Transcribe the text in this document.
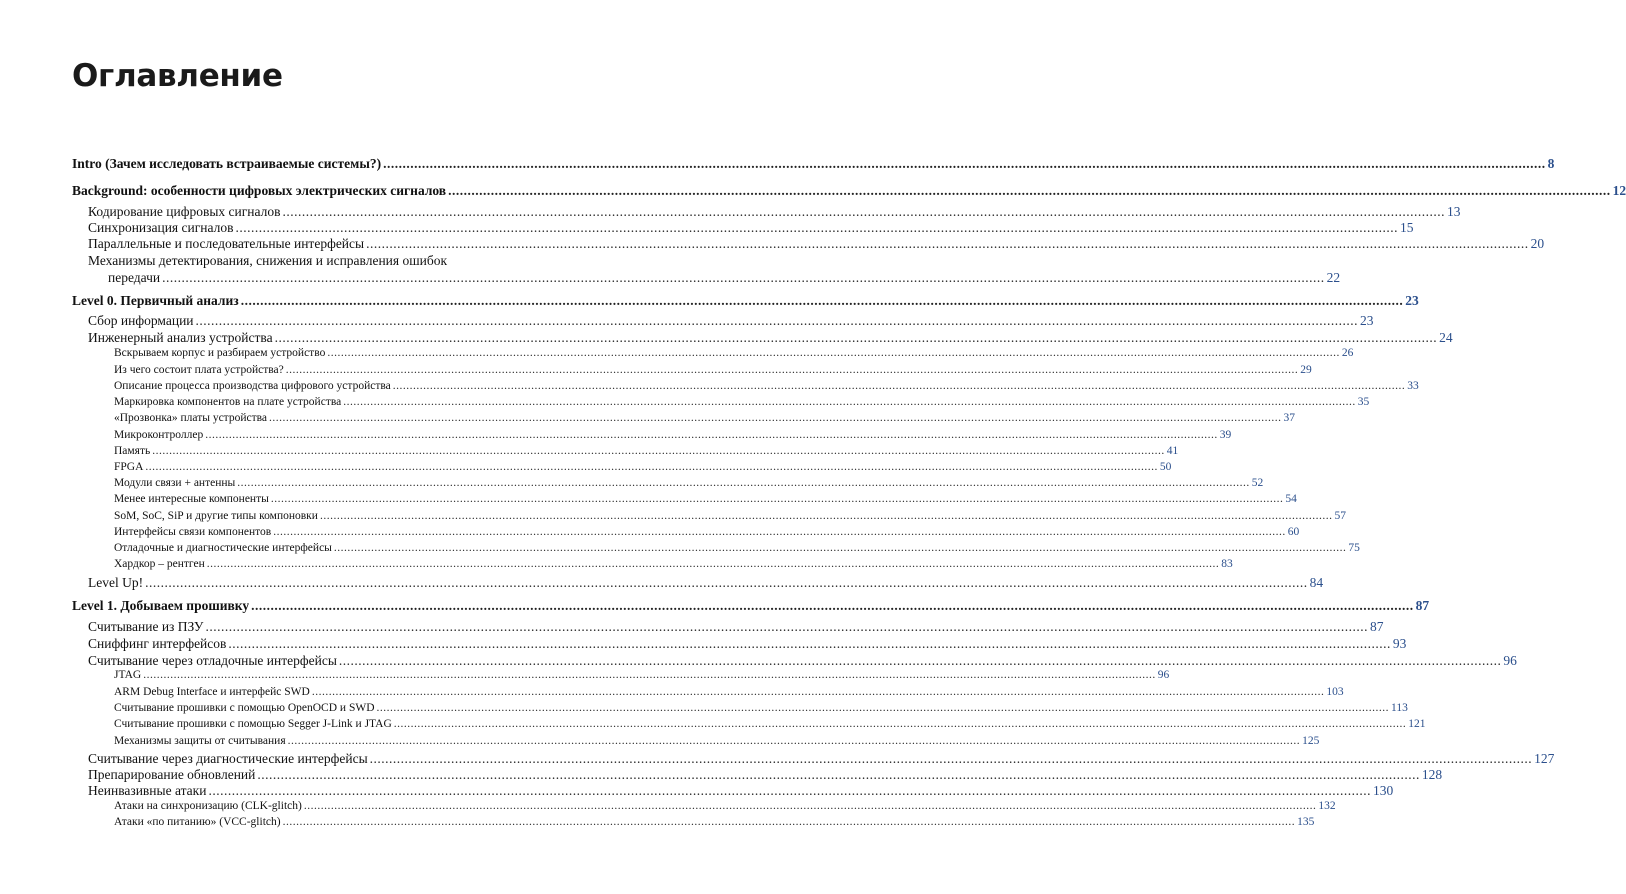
Оглавление
Intro (Зачем исследовать встраиваемые системы?) ............................................................................................................................................................................................................................................................................................................ 8
Background: особенности цифровых электрических сигналов ............................................................................................................................................................................................................................................................................................................ 12
Кодирование цифровых сигналов ............................................................................................................................................................................................................................................................................................................ 13
Синхронизация сигналов ............................................................................................................................................................................................................................................................................................................ 15
Параллельные и последовательные интерфейсы ............................................................................................................................................................................................................................................................................................................ 20
Механизмы детектирования, снижения и исправления ошибок
передачи ............................................................................................................................................................................................................................................................................................................ 22
Level 0. Первичный анализ ............................................................................................................................................................................................................................................................................................................ 23
Сбор информации ............................................................................................................................................................................................................................................................................................................ 23
Инженерный анализ устройства ............................................................................................................................................................................................................................................................................................................ 24
Вскрываем корпус и разбираем устройство ............................................................................................................................................................................................................................................................................................................ 26
Из чего состоит плата устройства? ............................................................................................................................................................................................................................................................................................................ 29
Описание процесса производства цифрового устройства ............................................................................................................................................................................................................................................................................................................ 33
Маркировка компонентов на плате устройства ............................................................................................................................................................................................................................................................................................................ 35
«Прозвонка» платы устройства ............................................................................................................................................................................................................................................................................................................ 37
Микроконтроллер ............................................................................................................................................................................................................................................................................................................ 39
Память ............................................................................................................................................................................................................................................................................................................ 41
FPGA ............................................................................................................................................................................................................................................................................................................ 50
Модули связи + антенны ............................................................................................................................................................................................................................................................................................................ 52
Менее интересные компоненты ............................................................................................................................................................................................................................................................................................................ 54
SoM, SoC, SiP и другие типы компоновки ............................................................................................................................................................................................................................................................................................................ 57
Интерфейсы связи компонентов ............................................................................................................................................................................................................................................................................................................ 60
Отладочные и диагностические интерфейсы ............................................................................................................................................................................................................................................................................................................ 75
Хардкор – рентген ............................................................................................................................................................................................................................................................................................................ 83
Level Up! ............................................................................................................................................................................................................................................................................................................ 84
Level 1. Добываем прошивку ............................................................................................................................................................................................................................................................................................................ 87
Считывание из ПЗУ ............................................................................................................................................................................................................................................................................................................ 87
Сниффинг интерфейсов ............................................................................................................................................................................................................................................................................................................ 93
Считывание через отладочные интерфейсы ............................................................................................................................................................................................................................................................................................................ 96
JTAG ............................................................................................................................................................................................................................................................................................................ 96
ARM Debug Interface и интерфейс SWD ............................................................................................................................................................................................................................................................................................................ 103
Считывание прошивки с помощью OpenOCD и SWD ............................................................................................................................................................................................................................................................................................................ 113
Считывание прошивки с помощью Segger J-Link и JTAG ............................................................................................................................................................................................................................................................................................................ 121
Механизмы защиты от считывания ............................................................................................................................................................................................................................................................................................................ 125
Считывание через диагностические интерфейсы ............................................................................................................................................................................................................................................................................................................ 127
Препарирование обновлений ............................................................................................................................................................................................................................................................................................................ 128
Неинвазивные атаки ............................................................................................................................................................................................................................................................................................................ 130
Атаки на синхронизацию (CLK-glitch) ............................................................................................................................................................................................................................................................................................................ 132
Атаки «по питанию» (VCC-glitch) ............................................................................................................................................................................................................................................................................................................ 135
